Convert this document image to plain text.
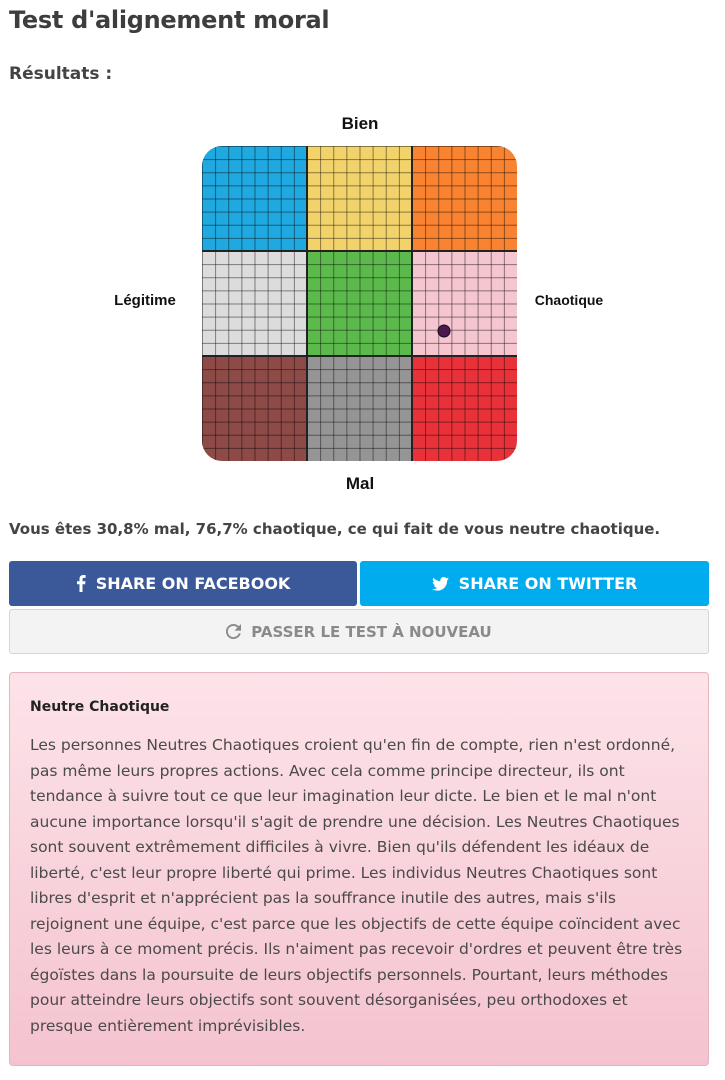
Test d'alignement moral
Résultats :
Bien
Mal
Légitime	Chaotique
Vous êtes 30,8% mal, 76,7% chaotique, ce qui fait de vous neutre chaotique.
SHARE ON FACEBOOK	SHARE ON TWITTER
PASSER LE TEST À NOUVEAU
Neutre Chaotique

Les personnes Neutres Chaotiques croient qu'en fin de compte, rien n'est ordonné, pas même leurs propres actions. Avec cela comme principe directeur, ils ont tendance à suivre tout ce que leur imagination leur dicte. Le bien et le mal n'ont aucune importance lorsqu'il s'agit de prendre une décision. Les Neutres Chaotiques sont souvent extrêmement difficiles à vivre. Bien qu'ils défendent les idéaux de liberté, c'est leur propre liberté qui prime. Les individus Neutres Chaotiques sont libres d'esprit et n'apprécient pas la souffrance inutile des autres, mais s'ils rejoignent une équipe, c'est parce que les objectifs de cette équipe coïncident avec les leurs à ce moment précis. Ils n'aiment pas recevoir d'ordres et peuvent être très égoïstes dans la poursuite de leurs objectifs personnels. Pourtant, leurs méthodes pour atteindre leurs objectifs sont souvent désorganisées, peu orthodoxes et presque entièrement imprévisibles.
